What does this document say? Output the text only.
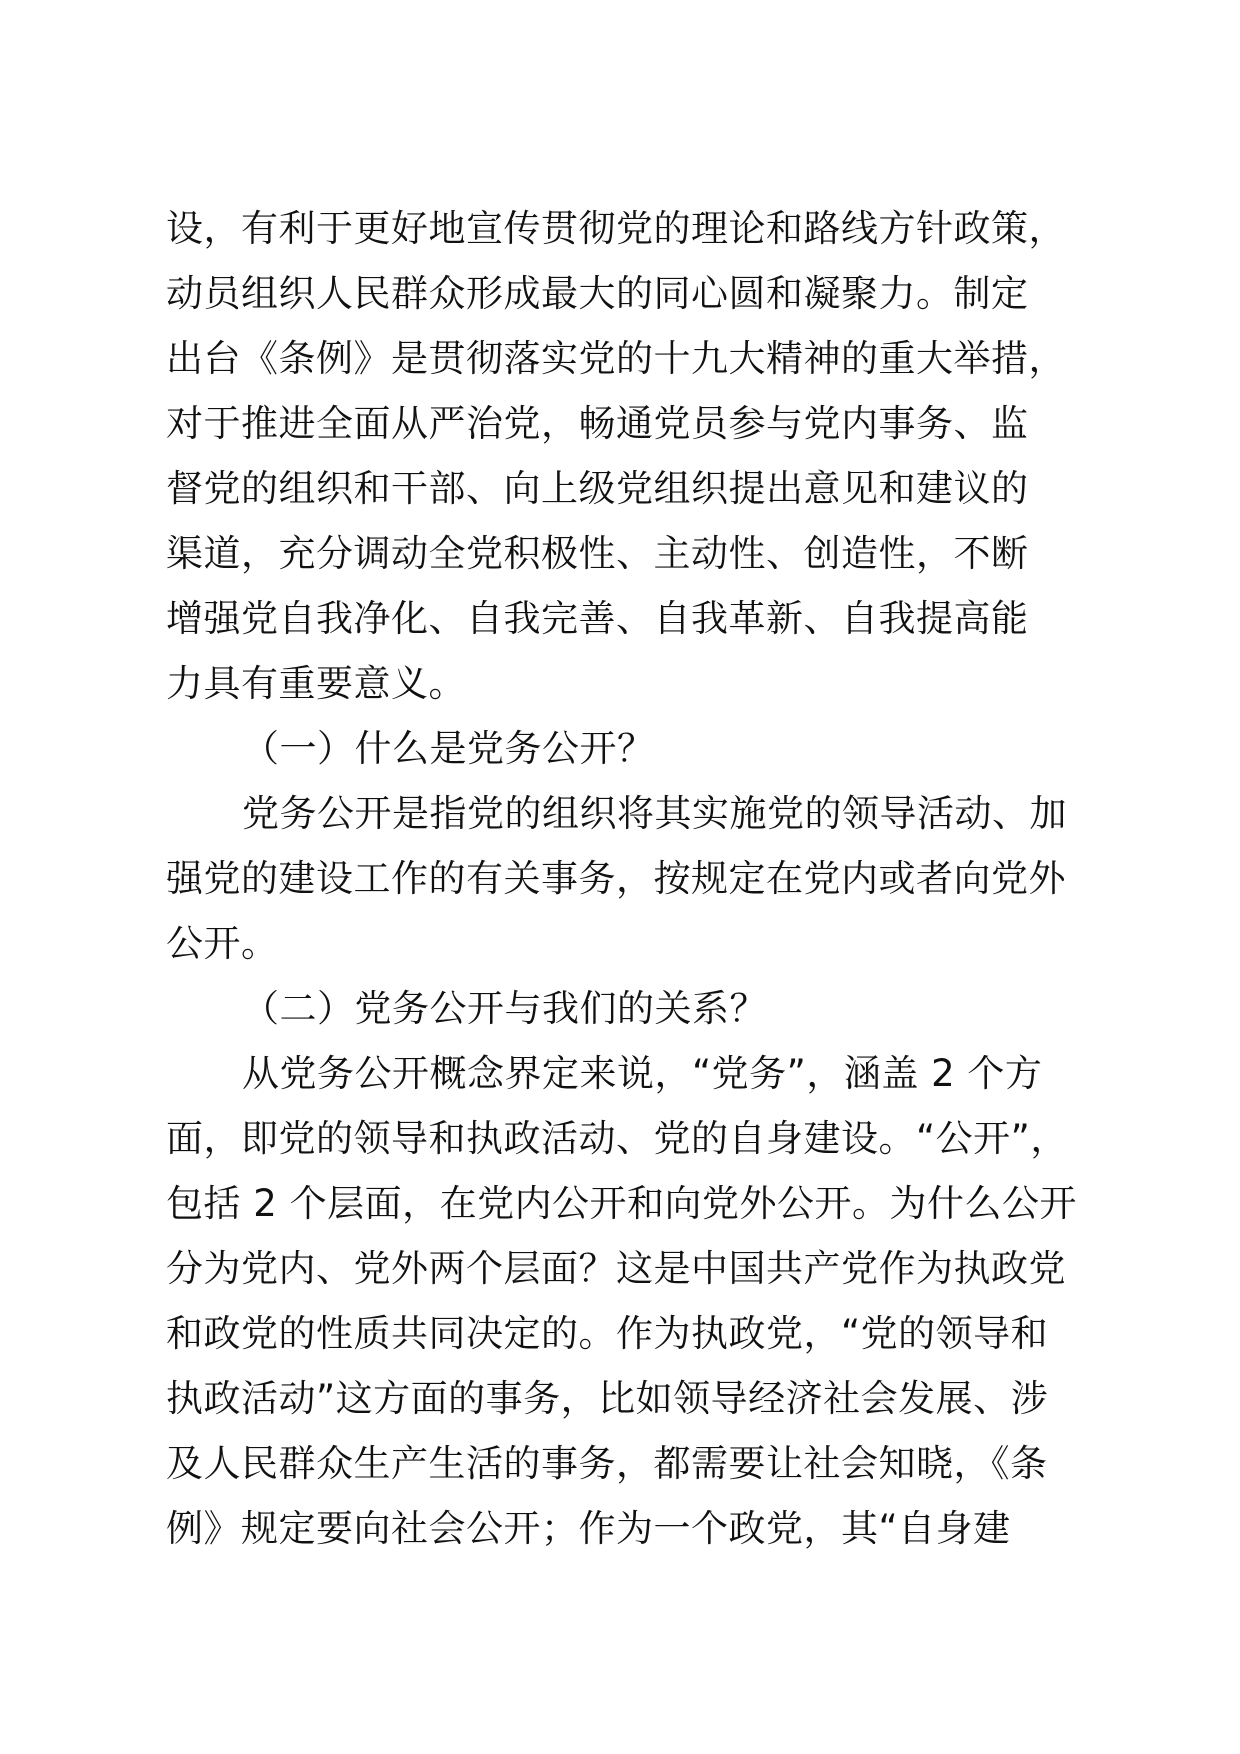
设，有利于更好地宣传贯彻党的理论和路线方针政策，
动员组织人民群众形成最大的同心圆和凝聚力。制定
出台《条例》是贯彻落实党的十九大精神的重大举措，
对于推进全面从严治党，畅通党员参与党内事务、监
督党的组织和干部、向上级党组织提出意见和建议的
渠道，充分调动全党积极性、主动性、创造性，不断
增强党自我净化、自我完善、自我革新、自我提高能
力具有重要意义。
（一）什么是党务公开？
党务公开是指党的组织将其实施党的领导活动、加
强党的建设工作的有关事务，按规定在党内或者向党外
公开。
（二）党务公开与我们的关系？
从党务公开概念界定来说，“党务”，涵盖 2 个方
面，即党的领导和执政活动、党的自身建设。“公开”，
包括 2 个层面，在党内公开和向党外公开。为什么公开
分为党内、党外两个层面？这是中国共产党作为执政党
和政党的性质共同决定的。作为执政党，“党的领导和
执政活动”这方面的事务，比如领导经济社会发展、涉
及人民群众生产生活的事务，都需要让社会知晓，《条
例》规定要向社会公开；作为一个政党，其“自身建
